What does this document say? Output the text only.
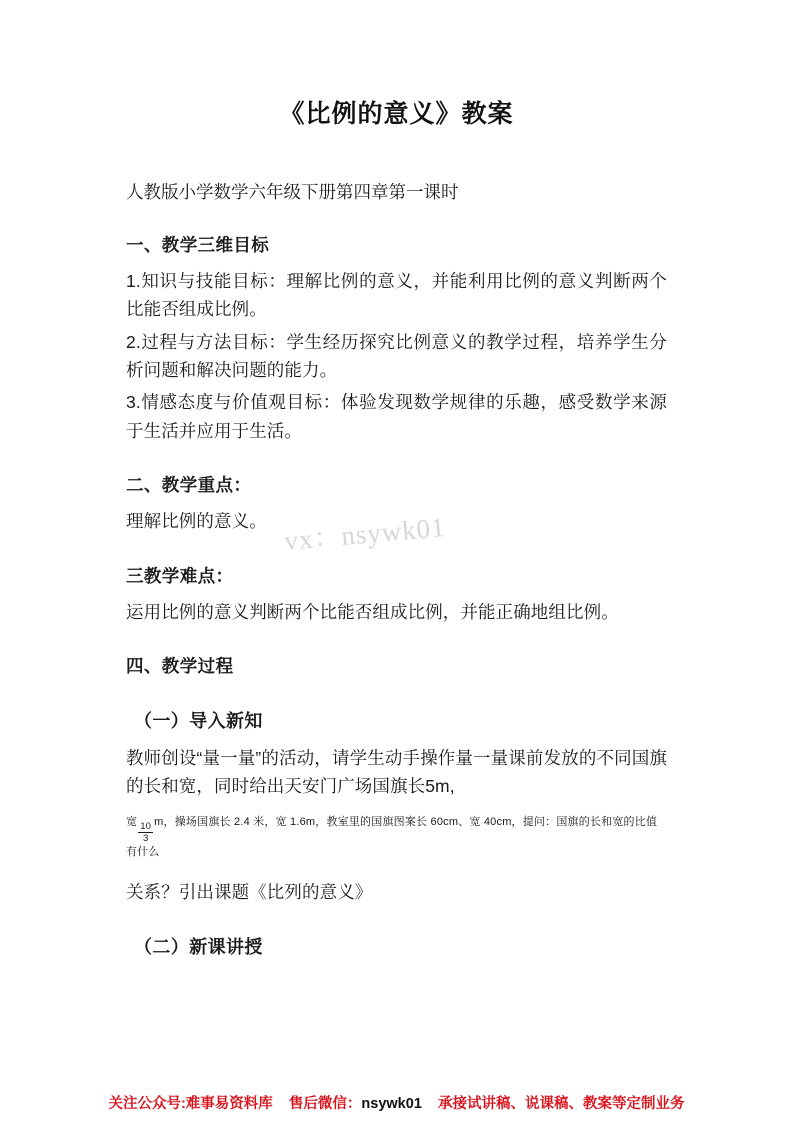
vx：nsywk01
《比例的意义》教案
人教版小学数学六年级下册第四章第一课时
一、教学三维目标
1.知识与技能目标：理解比例的意义，并能利用比例的意义判断两个比能否组成比例。
2.过程与方法目标：学生经历探究比例意义的教学过程，培养学生分析问题和解决问题的能力。
3.情感态度与价值观目标：体验发现数学规律的乐趣，感受数学来源于生活并应用于生活。
二、教学重点：
理解比例的意义。
三教学难点：
运用比例的意义判断两个比能否组成比例，并能正确地组比例。
四、教学过程
（一）导入新知
教师创设“量一量”的活动，请学生动手操作量一量课前发放的不同国旗的长和宽，同时给出天安门广场国旗长5m,
宽 $\frac{10}{3}$ m，操场国旗长 2.4 米，宽 1.6m，教室里的国旗图案长 60cm、宽 40cm，提问：国旗的长和宽的比值有什么
关系？引出课题《比列的意义》
（二）新课讲授
关注公众号:难事易资料库 售后微信：nsywk01 承接试讲稿、说课稿、教案等定制业务
